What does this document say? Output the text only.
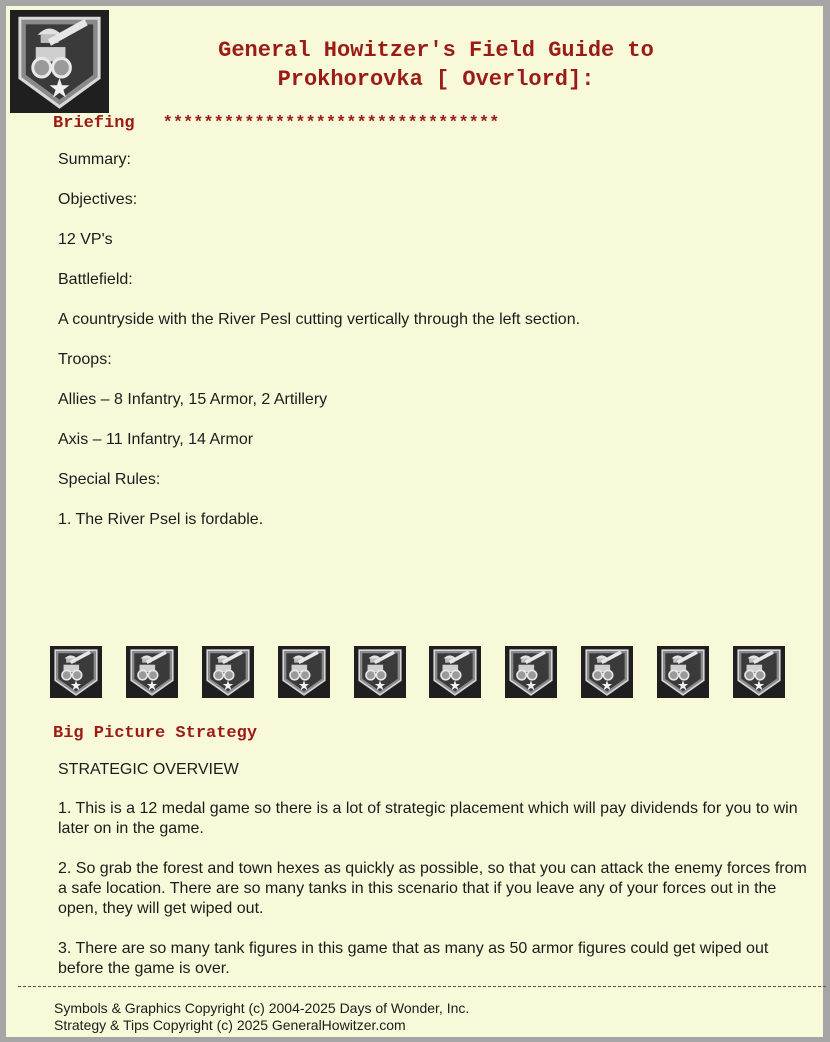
General Howitzer's Field Guide to
Prokhorovka [ Overlord]:
Briefing *********************************

Summary:

Objectives:

12 VP's

Battlefield:

A countryside with the River Pesl cutting vertically through the left section.

Troops:

Allies – 8 Infantry, 15 Armor, 2 Artillery

Axis – 11 Infantry, 14 Armor

Special Rules:

1. The River Psel is fordable.

Big Picture Strategy

STRATEGIC OVERVIEW

1. This is a 12 medal game so there is a lot of strategic placement which will pay dividends for you to win later on in the game.

2. So grab the forest and town hexes as quickly as possible, so that you can attack the enemy forces from a safe location. There are so many tanks in this scenario that if you leave any of your forces out in the open, they will get wiped out.

3. There are so many tank figures in this game that as many as 50 armor figures could get wiped out before the game is over.

Symbols & Graphics Copyright (c) 2004-2025 Days of Wonder, Inc.
Strategy & Tips Copyright (c) 2025 GeneralHowitzer.com
